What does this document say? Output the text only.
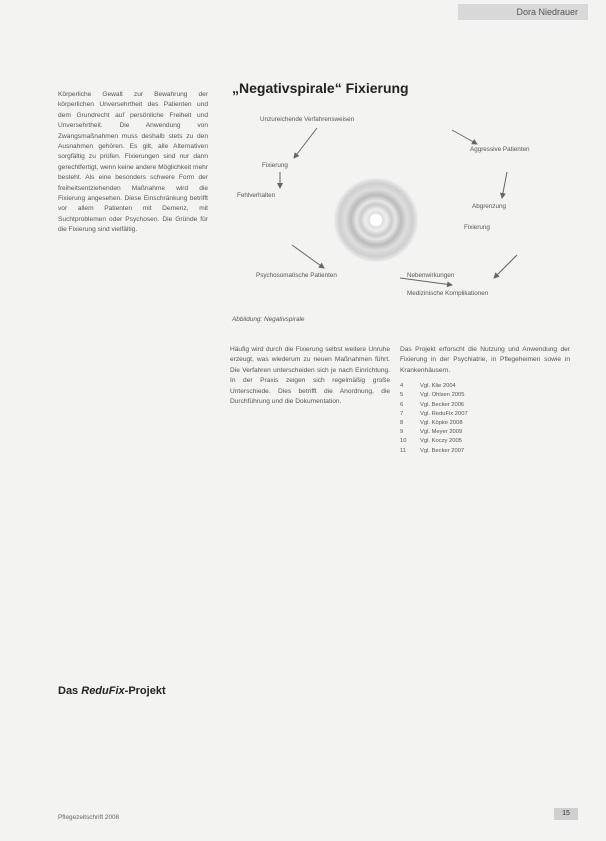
Dora Niedrauer

Körperliche Gewalt zur Bewahrung der körperlichen Unversehrtheit des Patienten und dem Grundrecht auf persönliche Freiheit und Unversehrtheit. Die Anwendung von Zwangsmaßnahmen muss deshalb stets zu den Ausnahmen gehören. Es gilt, alle Alternativen sorgfältig zu prüfen. Fixierungen sind nur dann gerechtfertigt, wenn keine andere Möglichkeit mehr besteht. Als eine besonders schwere Form der freiheitsentziehenden Maßnahme wird die Fixierung angesehen. Diese Einschränkung betrifft vor allem Patienten mit Demenz, mit Suchtproblemen oder Psychosen. Die Gründe für die Fixierung sind vielfältig.

„Negativspirale“ Fixierung
Unzureichende Verfahrensweisen
Fixierung
Aggressive Patienten
Fehlverhalten
Abgrenzung
Fixierung
Psychosomatische Patienten	Nebenwirkungen
Medizinische Komplikationen
Abbildung: Negativspirale

Häufig wird durch die Fixierung selbst weitere Unruhe erzeugt, was wiederum zu neuen Maßnahmen führt. Die Verfahren unterscheiden sich je nach Einrichtung. In der Praxis zeigen sich regelmäßig große Unterschiede. Dies betrifft die Anordnung, die Durchführung und die Dokumentation.

Das Projekt erforscht die Nutzung und Anwendung der Fixierung in der Psychiatrie, in Pflegeheimen sowie in Krankenhäusern.

4	Vgl. Klie 2004
5	Vgl. Ohlsen 2005
6	Vgl. Becker 2006
7	Vgl. ReduFix 2007
8	Vgl. Köpke 2008
9	Vgl. Meyer 2009
10	Vgl. Koczy 2005
11	Vgl. Becker 2007
Das ReduFix-Projekt
Pflegezeitschrift 2008
15
